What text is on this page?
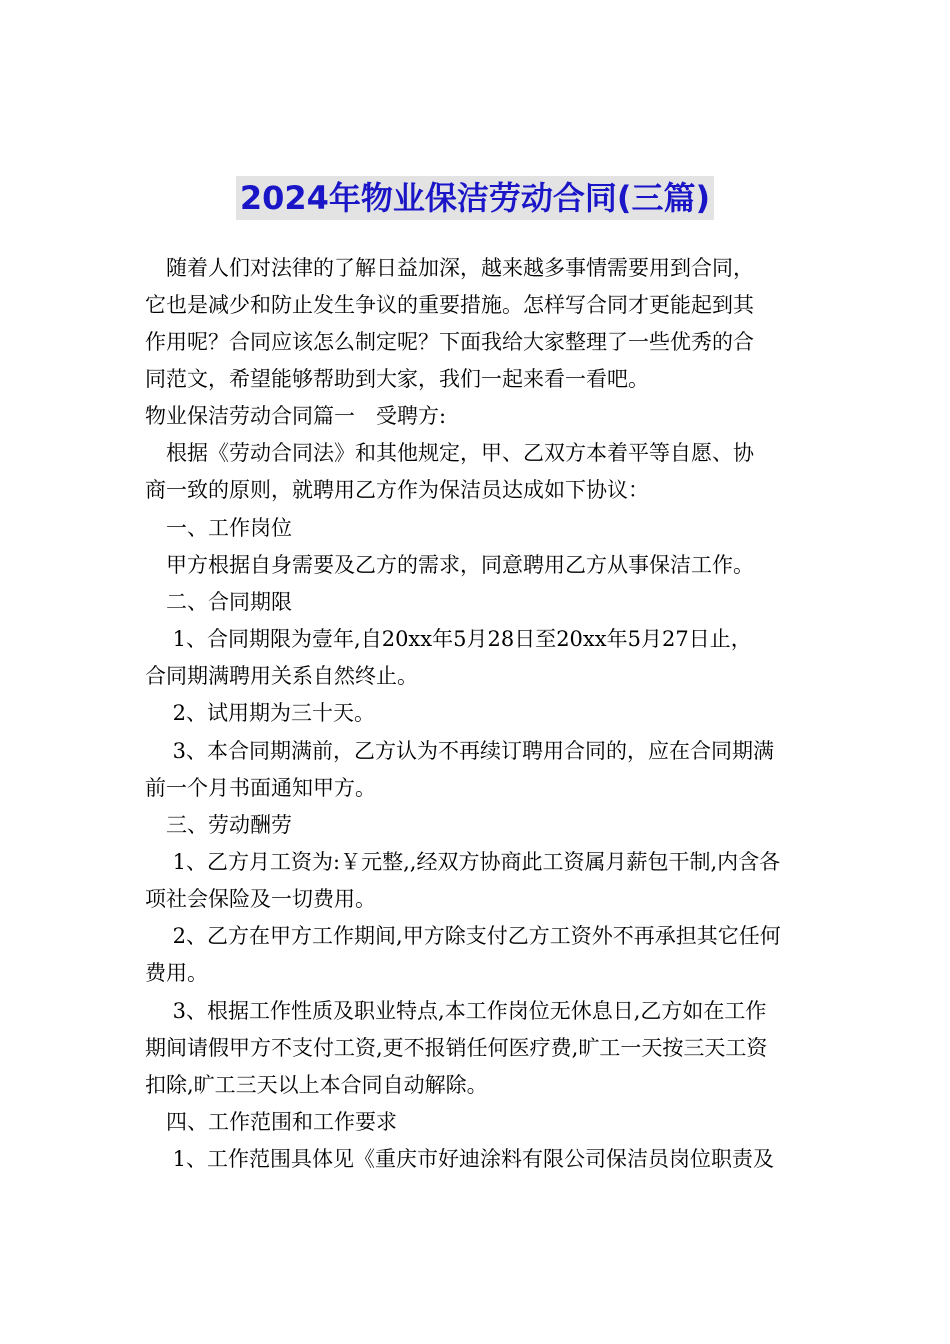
2024年物业保洁劳动合同(三篇)
　随着人们对法律的了解日益加深，越来越多事情需要用到合同，
它也是减少和防止发生争议的重要措施。怎样写合同才更能起到其
作用呢？合同应该怎么制定呢？下面我给大家整理了一些优秀的合
同范文，希望能够帮助到大家，我们一起来看一看吧。
物业保洁劳动合同篇一　受聘方:
　根据《劳动合同法》和其他规定，甲、乙双方本着平等自愿、协
商一致的原则，就聘用乙方作为保洁员达成如下协议：
　一、工作岗位
　甲方根据自身需要及乙方的需求，同意聘用乙方从事保洁工作。
　二、合同期限
　 1、合同期限为壹年,自20xx年5月28日至20xx年5月27日止，
合同期满聘用关系自然终止。
　 2、试用期为三十天。
　 3、本合同期满前，乙方认为不再续订聘用合同的，应在合同期满
前一个月书面通知甲方。
　三、劳动酬劳
　 1、乙方月工资为:￥元整,,经双方协商此工资属月薪包干制,内含各
项社会保险及一切费用。
　 2、乙方在甲方工作期间,甲方除支付乙方工资外不再承担其它任何
费用。
　 3、根据工作性质及职业特点,本工作岗位无休息日,乙方如在工作
期间请假甲方不支付工资,更不报销任何医疗费,旷工一天按三天工资
扣除,旷工三天以上本合同自动解除。
　四、工作范围和工作要求
　 1、工作范围具体见《重庆市好迪涂料有限公司保洁员岗位职责及
